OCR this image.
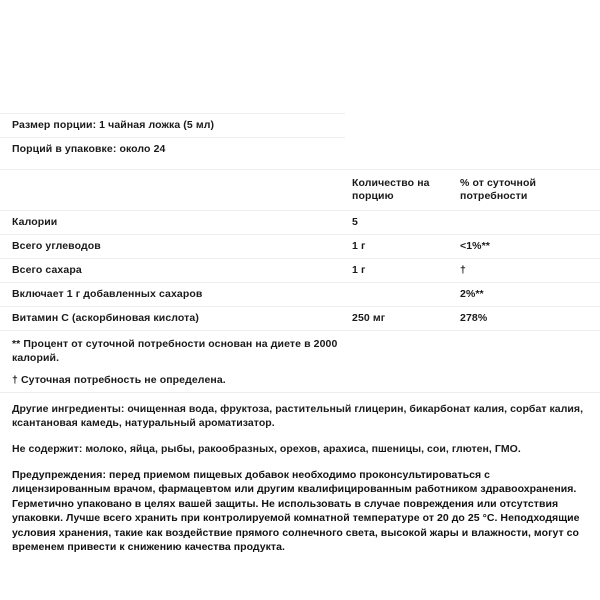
Размер порции: 1 чайная ложка (5 мл)
Порций в упаковке: около 24
	Количество на порцию	% от суточной потребности
Калории	5	
Всего углеводов	1 г	<1%**
Всего сахара	1 г	†
Включает 1 г добавленных сахаров		2%**
Витамин С (аскорбиновая кислота)	250 мг	278%

** Процент от суточной потребности основан на диете в 2000 калорий.

† Суточная потребность не определена.

Другие ингредиенты: очищенная вода, фруктоза, растительный глицерин, бикарбонат калия, сорбат калия, ксантановая камедь, натуральный ароматизатор.

Не содержит: молоко, яйца, рыбы, ракообразных, орехов, арахиса, пшеницы, сои, глютен, ГМО.

Предупреждения: перед приемом пищевых добавок необходимо проконсультироваться с лицензированным врачом, фармацевтом или другим квалифицированным работником здравоохранения. Герметично упаковано в целях вашей защиты. Не использовать в случае повреждения или отсутствия упаковки. Лучше всего хранить при контролируемой комнатной температуре от 20 до 25 °C. Неподходящие условия хранения, такие как воздействие прямого солнечного света, высокой жары и влажности, могут со временем привести к снижению качества продукта.
